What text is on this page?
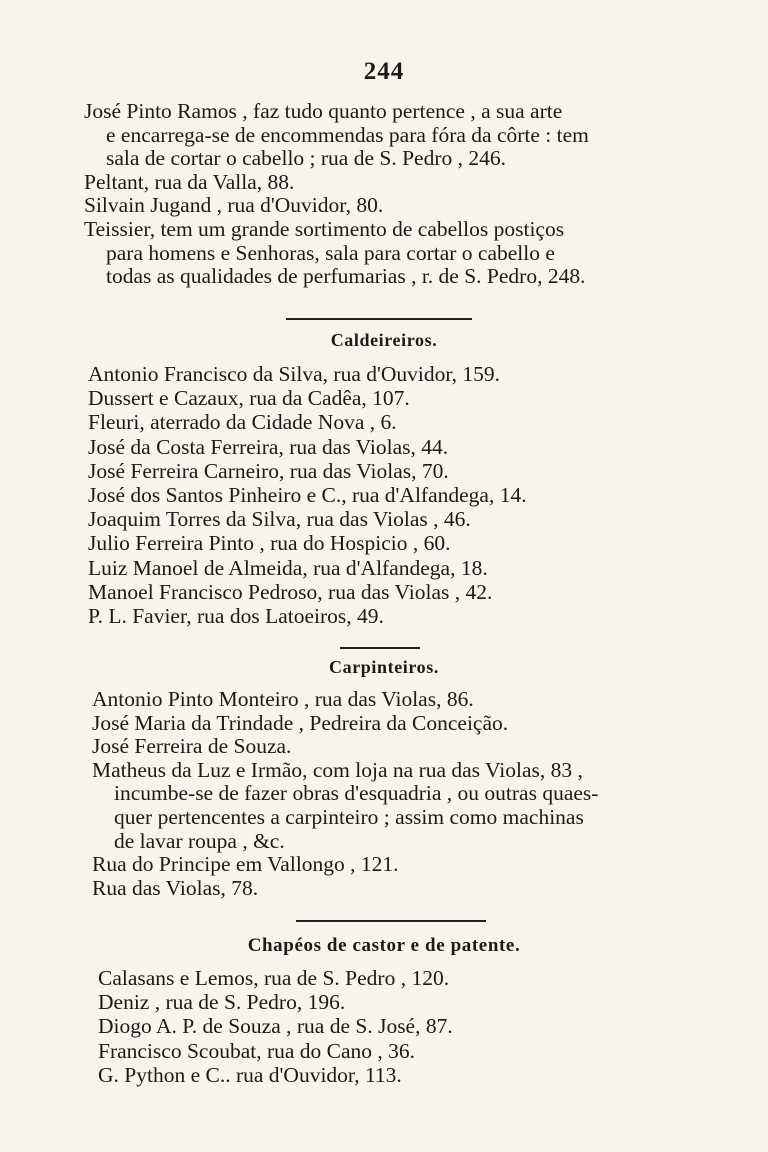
244
José Pinto Ramos , faz tudo quanto pertence , a sua arte
e encarrega-se de encommendas para fóra da côrte : tem
sala de cortar o cabello ; rua de S. Pedro , 246.
Peltant, rua da Valla, 88.
Silvain Jugand , rua d'Ouvidor, 80.
Teissier, tem um grande sortimento de cabellos postiços
para homens e Senhoras, sala para cortar o cabello e
todas as qualidades de perfumarias , r. de S. Pedro, 248.
Caldeireiros.
Antonio Francisco da Silva, rua d'Ouvidor, 159.
Dussert e Cazaux, rua da Cadêa, 107.
Fleuri, aterrado da Cidade Nova , 6.
José da Costa Ferreira, rua das Violas, 44.
José Ferreira Carneiro, rua das Violas, 70.
José dos Santos Pinheiro e C., rua d'Alfandega, 14.
Joaquim Torres da Silva, rua das Violas , 46.
Julio Ferreira Pinto , rua do Hospicio , 60.
Luiz Manoel de Almeida, rua d'Alfandega, 18.
Manoel Francisco Pedroso, rua das Violas , 42.
P. L. Favier, rua dos Latoeiros, 49.
Carpinteiros.
Antonio Pinto Monteiro , rua das Violas, 86.
José Maria da Trindade , Pedreira da Conceição.
José Ferreira de Souza.
Matheus da Luz e Irmão, com loja na rua das Violas, 83 ,
incumbe-se de fazer obras d'esquadria , ou outras quaes-
quer pertencentes a carpinteiro ; assim como machinas
de lavar roupa , &c.
Rua do Principe em Vallongo , 121.
Rua das Violas, 78.
Chapéos de castor e de patente.
Calasans e Lemos, rua de S. Pedro , 120.
Deniz , rua de S. Pedro, 196.
Diogo A. P. de Souza , rua de S. José, 87.
Francisco Scoubat, rua do Cano , 36.
G. Python e C.. rua d'Ouvidor, 113.
